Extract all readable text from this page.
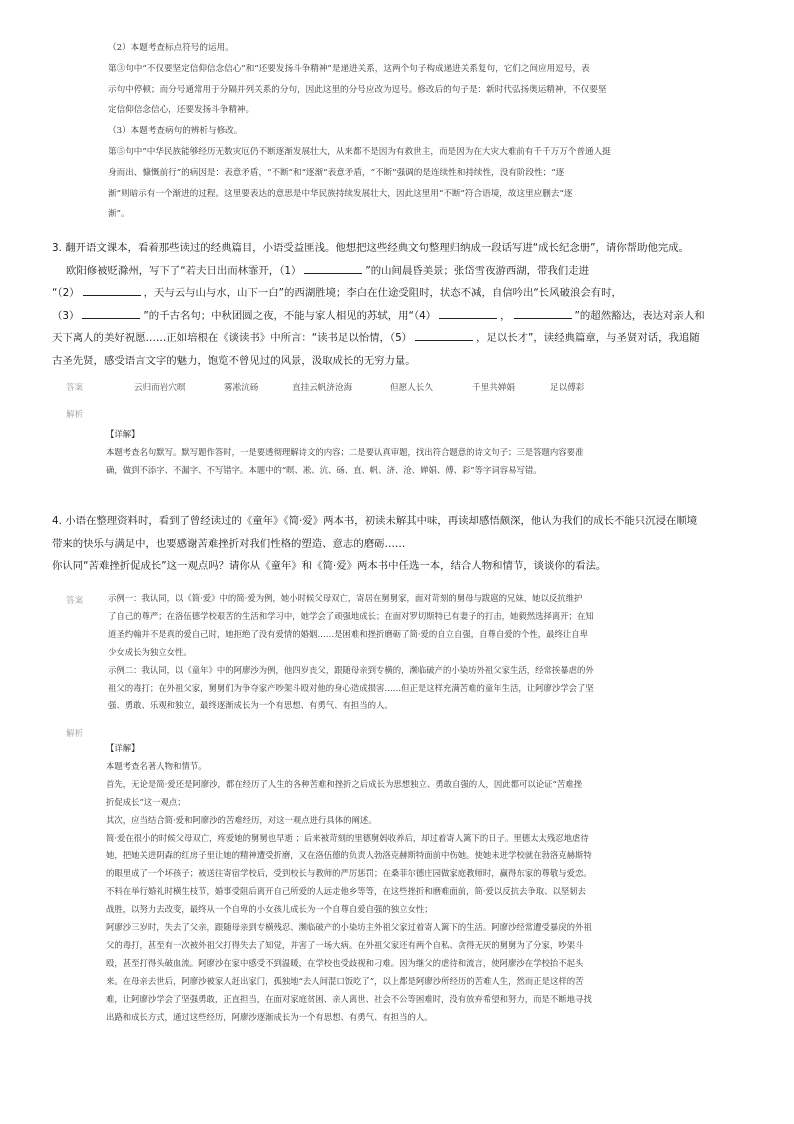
（2）本题考查标点符号的运用。

第③句中“不仅要坚定信仰信念信心”和“还要发扬斗争精神”是递进关系，这两个句子构成递进关系复句，它们之间应用逗号，表

示句中停顿；而分号通常用于分隔并列关系的分句，因此这里的分号应改为逗号。修改后的句子是：新时代弘扬奥运精神，不仅要坚

定信仰信念信心，还要发扬斗争精神。

（3）本题考查病句的辨析与修改。

第⑤句中“中华民族能够经历无数灾厄仍不断逐渐发展壮大，从来都不是因为有救世主，而是因为在大灾大难前有千千万万个普通人挺

身而出、慷慨前行”的病因是：表意矛盾，“不断”和“逐渐”表意矛盾，“不断”强调的是连续性和持续性，没有阶段性；“逐

渐”则暗示有一个渐进的过程。这里要表达的意思是中华民族持续发展壮大，因此这里用“不断”符合语境，故这里应删去“逐

渐”。

3. 翻开语文课本，看着那些读过的经典篇目，小语受益匪浅。他想把这些经典文句整理归纳成一段话写进“成长纪念册”，请你帮助他完成。

欧阳修被贬滁州，写下了“若夫日出而林霏开，（1）	”的山间晨昏美景；张岱雪夜游西湖，带我们走进

“（2）	，天与云与山与水，山下一白”的西湖胜境；李白在仕途受阻时，状态不减，自信吟出“长风破浪会有时，

（3）	”的千古名句；中秋团圆之夜，不能与家人相见的苏轼，用“（4）	，	”的超然豁达，表达对亲人和

天下离人的美好祝愿……正如培根在《谈读书》中所言：“读书足以怡情，（5）	，足以长才”，读经典篇章，与圣贤对话，我追随

古圣先贤，感受语言文字的魅力，饱览不曾见过的风景，汲取成长的无穷力量。

答案	云归而岩穴暝	雾凇沆砀	直挂云帆济沧海	但愿人长久	千里共婵娟	足以傅彩
解析

【详解】

本题考查名句默写。默写题作答时，一是要透彻理解诗文的内容；二是要认真审题，找出符合题意的诗文句子；三是答题内容要准

确，做到不添字、不漏字、不写错字。本题中的“暝、凇、沆、砀、直、帆、济、沧、婵娟、傅、彩”等字词容易写错。

4. 小语在整理资料时，看到了曾经读过的《童年》《简·爱》两本书，初读未解其中味，再读却感悟颇深，他认为我们的成长不能只沉浸在顺境

带来的快乐与满足中，也要感谢苦难挫折对我们性格的塑造、意志的磨砺……

你认同“苦难挫折促成长”这一观点吗？请你从《童年》和《简·爱》两本书中任选一本，结合人物和情节，谈谈你的看法。

答案	示例一：我认同，以《简·爱》中的简·爱为例，她小时候父母双亡，寄居在舅舅家，面对苛刻的舅母与跋扈的兄妹，她以反抗维护

了自己的尊严；在洛伍德学校艰苦的生活和学习中，她学会了顽强地成长；在面对罗切斯特已有妻子的打击，她毅然选择离开；在知

道圣约翰并不是真的爱自己时，她拒绝了没有爱情的婚姻……是困难和挫折磨砺了简·爱的自立自强，自尊自爱的个性，最终让自卑

少女成长为独立女性。

示例二：我认同，以《童年》中的阿廖沙为例，他四岁丧父，跟随母亲到专横的，濒临破产的小染坊外祖父家生活，经常挨暴虐的外

祖父的毒打；在外祖父家，舅舅们为争夺家产吵架斗殴对他的身心造成损害……但正是这样充满苦难的童年生活，让阿廖沙学会了坚

强、勇敢、乐观和独立，最终逐渐成长为一个有思想、有勇气、有担当的人。

解析

【详解】

本题考查名著人物和情节。

首先，无论是简·爱还是阿廖沙，都在经历了人生的各种苦难和挫折之后成长为思想独立、勇敢自强的人，因此都可以论证“苦难挫

折促成长”这一观点；

其次，应当结合简·爱和阿廖沙的苦难经历，对这一观点进行具体的阐述。

简·爱在很小的时候父母双亡，疼爱她的舅舅也早逝 ；后来被苛刻的里德舅妈收养后，却过着寄人篱下的日子。里德太太残忍地虐待

她，把她关进阴森的红房子里让她的精神遭受折磨，又在洛伍德的负责人勃洛克赫斯特面前中伤她。使她未进学校就在勃洛克赫斯特

的眼里成了一个坏孩子；被送往寄宿学校后，受到校长与教师的严厉惩罚；在桑菲尔德庄园做家庭教师时，赢得东家的尊敬与爱恋。

不料在举行婚礼时横生枝节，婚事受阻后离开自己所爱的人远走他乡等等，在这些挫折和磨难面前，简·爱以反抗去争取、以坚韧去

战胜，以努力去改变，最终从一个自卑的小女孩儿成长为一个自尊自爱自强的独立女性；

阿廖沙三岁时，失去了父亲，跟随母亲到专横残忍、濒临破产的小染坊主外祖父家过着寄人篱下的生活。阿廖沙经常遭受暴戾的外祖

父的毒打，甚至有一次被外祖父打得失去了知觉，并害了一场大病。在外祖父家还有两个自私、贪得无厌的舅舅为了分家，吵架斗

殴，甚至打得头破血流。阿廖沙在家中感受不到温暖，在学校也受歧视和刁难。因为继父的虐待和流言，使阿廖沙在学校抬不起头

来。在母亲去世后，阿廖沙被家人赶出家门，孤独地“去人间混口饭吃了”，以上都是阿廖沙所经历的苦难人生，然而正是这样的苦

难，让阿廖沙学会了坚强勇敢，正直担当，在面对家庭贫困、亲人离世、社会不公等困难时，没有放弃希望和努力，而是不断地寻找

出路和成长方式，通过这些经历，阿廖沙逐渐成长为一个有思想、有勇气、有担当的人。
